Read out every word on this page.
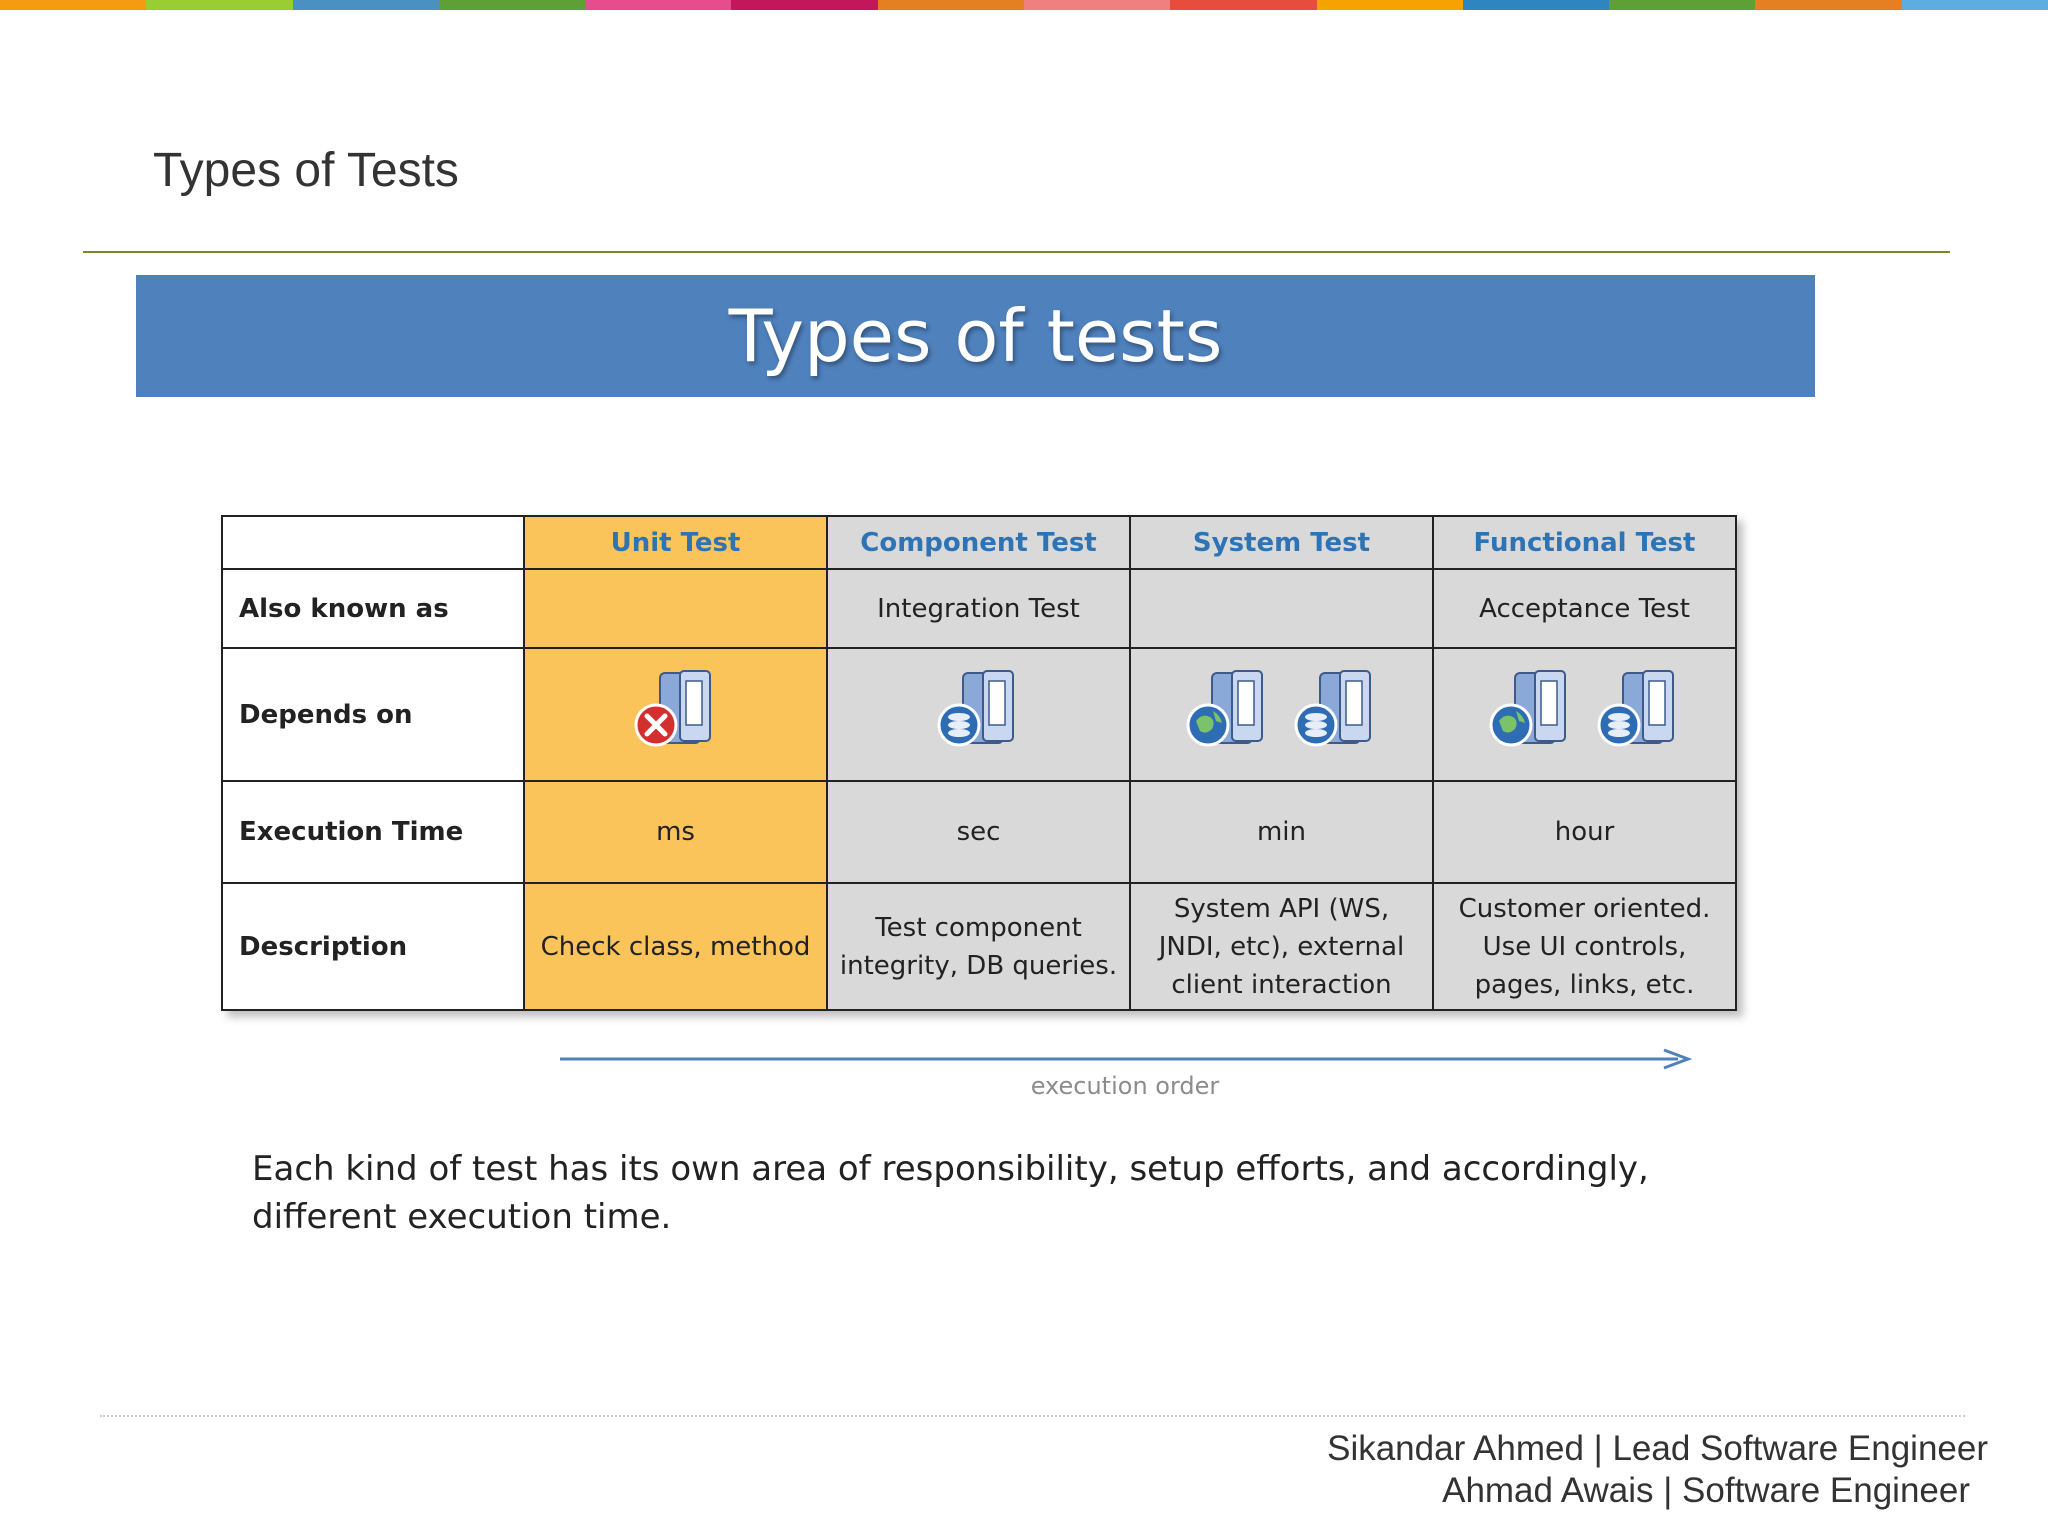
Types of Tests
Types of tests
	Unit Test	Component Test	System Test	Functional Test
Also known as		Integration Test		Acceptance Test
Depends on	

Execution Time	ms	sec	min	hour
Description	Check class, method	Test component integrity, DB queries.	System API (WS, JNDI, etc), external client interaction	Customer oriented. Use UI controls, pages, links, etc.
execution order
Each kind of test has its own area of responsibility, setup efforts, and accordingly, different execution time.
Sikandar Ahmed | Lead Software Engineer
Ahmad Awais | Software Engineer
